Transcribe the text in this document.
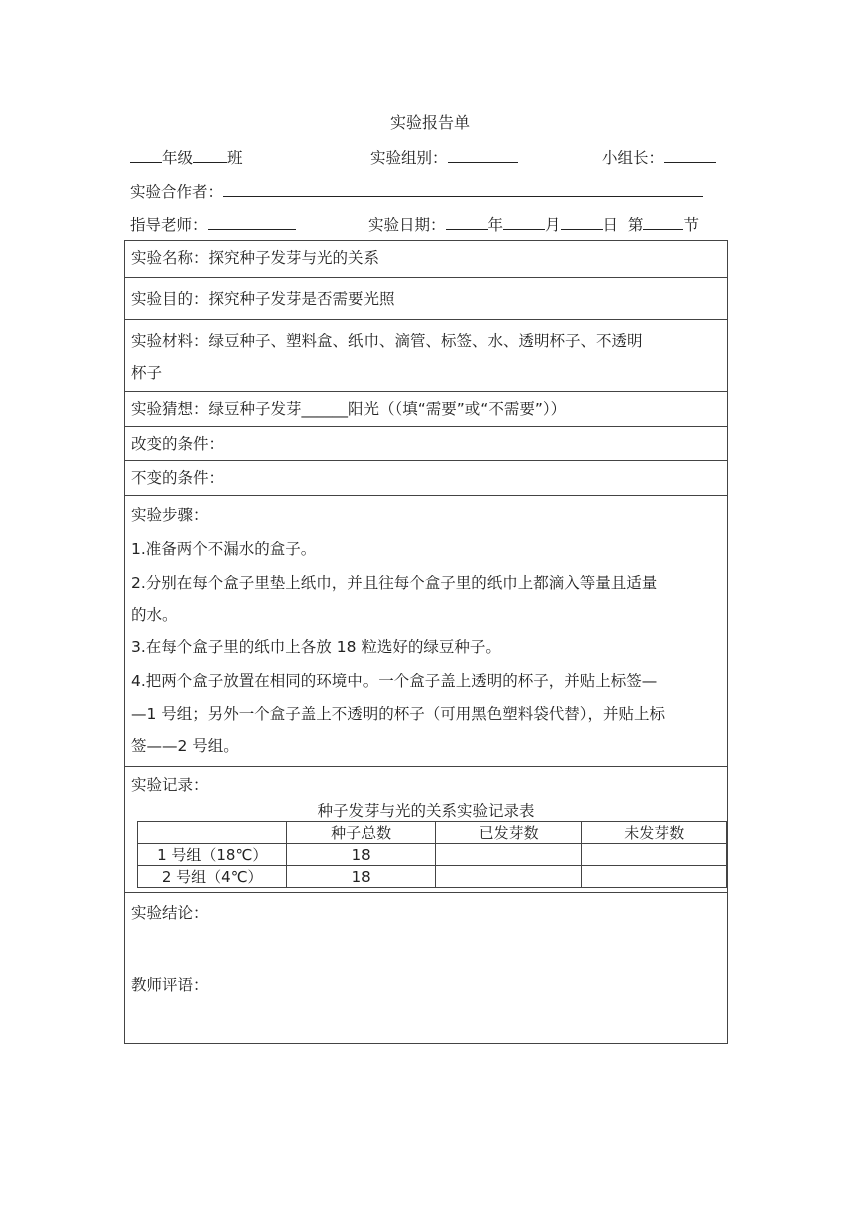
实验报告单
年级 班	实验组别：	小组长：
实验合作者：
指导老师：	实验日期：	年	月	日 第	节
实验名称：探究种子发芽与光的关系
实验目的：探究种子发芽是否需要光照
实验材料：绿豆种子、塑料盒、纸巾、滴管、标签、水、透明杯子、不透明
杯子
实验猜想：绿豆种子发芽______阳光（（填“需要”或“不需要”））
改变的条件：
不变的条件：
实验步骤：
1.准备两个不漏水的盒子。
2.分别在每个盒子里垫上纸巾，并且往每个盒子里的纸巾上都滴入等量且适量
的水。
3.在每个盒子里的纸巾上各放 18 粒选好的绿豆种子。
4.把两个盒子放置在相同的环境中。一个盒子盖上透明的杯子，并贴上标签—
—1 号组；另外一个盒子盖上不透明的杯子（可用黑色塑料袋代替），并贴上标
签——2 号组。
实验记录：
种子发芽与光的关系实验记录表
	种子总数	已发芽数	未发芽数
1 号组（18℃）	18		
2 号组（4℃）	18		
实验结论：
教师评语：
